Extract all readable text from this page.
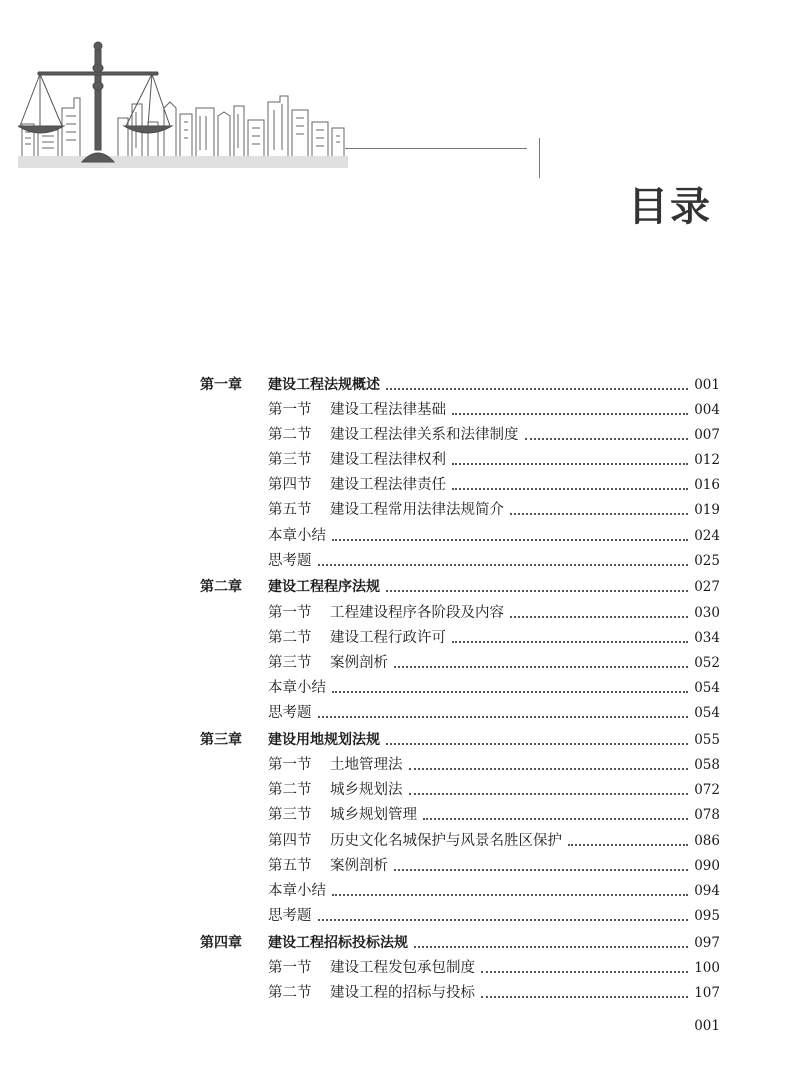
目录
第一章	建设工程法规概述	001
第一节	建设工程法律基础	004
第二节	建设工程法律关系和法律制度	007
第三节	建设工程法律权利	012
第四节	建设工程法律责任	016
第五节	建设工程常用法律法规简介	019
本章小结	024
思考题	025
第二章	建设工程程序法规	027
第一节	工程建设程序各阶段及内容	030
第二节	建设工程行政许可	034
第三节	案例剖析	052
本章小结	054
思考题	054
第三章	建设用地规划法规	055
第一节	土地管理法	058
第二节	城乡规划法	072
第三节	城乡规划管理	078
第四节	历史文化名城保护与风景名胜区保护	086
第五节	案例剖析	090
本章小结	094
思考题	095
第四章	建设工程招标投标法规	097
第一节	建设工程发包承包制度	100
第二节	建设工程的招标与投标	107
001
